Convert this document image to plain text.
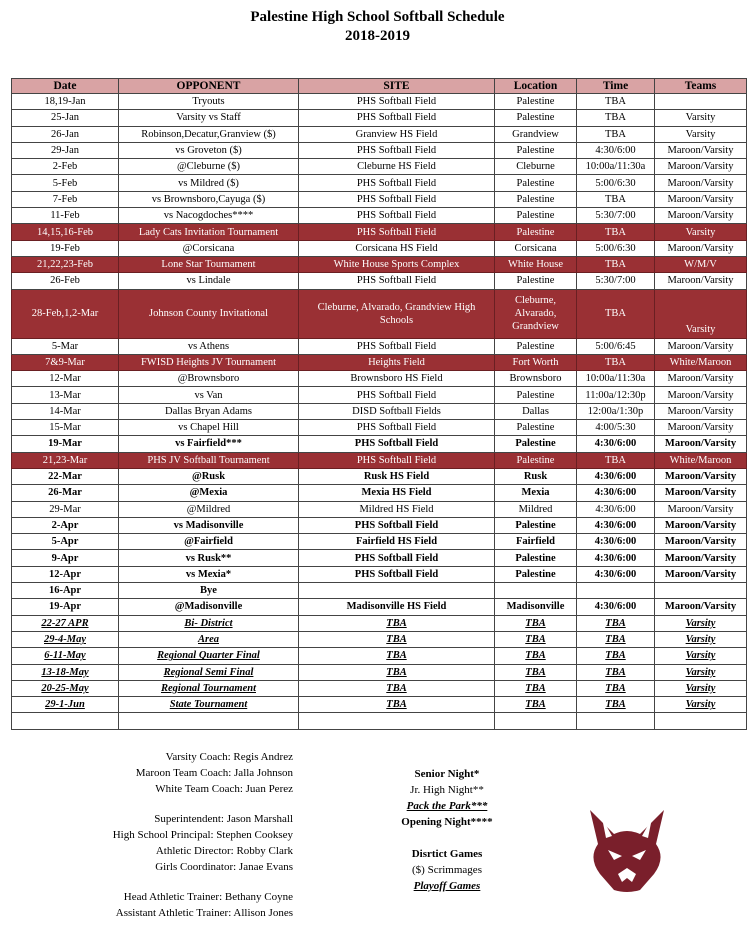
Palestine High School Softball Schedule
2018-2019
Date	OPPONENT	SITE	Location	Time	Teams
18,19-Jan	Tryouts	PHS Softball Field	Palestine	TBA	
25-Jan	Varsity vs Staff	PHS Softball Field	Palestine	TBA	Varsity
26-Jan	Robinson,Decatur,Granview ($)	Granview HS Field	Grandview	TBA	Varsity
29-Jan	vs Groveton ($)	PHS Softball Field	Palestine	4:30/6:00	Maroon/Varsity
2-Feb	@Cleburne ($)	Cleburne HS Field	Cleburne	10:00a/11:30a	Maroon/Varsity
5-Feb	vs Mildred ($)	PHS Softball Field	Palestine	5:00/6:30	Maroon/Varsity
7-Feb	vs Brownsboro,Cayuga ($)	PHS Softball Field	Palestine	TBA	Maroon/Varsity
11-Feb	vs Nacogdoches****	PHS Softball Field	Palestine	5:30/7:00	Maroon/Varsity
14,15,16-Feb	Lady Cats Invitation Tournament	PHS Softball Field	Palestine	TBA	Varsity
19-Feb	@Corsicana	Corsicana HS Field	Corsicana	5:00/6:30	Maroon/Varsity
21,22,23-Feb	Lone Star Tournament	White House Sports Complex	White House	TBA	W/M/V
26-Feb	vs Lindale	PHS Softball Field	Palestine	5:30/7:00	Maroon/Varsity
28-Feb,1,2-Mar	Johnson County Invitational	Cleburne, Alvarado, Grandview High Schools	Cleburne, Alvarado, Grandview	TBA	Varsity
5-Mar	vs Athens	PHS Softball Field	Palestine	5:00/6:45	Maroon/Varsity
7&9-Mar	FWISD Heights JV Tournament	Heights Field	Fort Worth	TBA	White/Maroon
12-Mar	@Brownsboro	Brownsboro HS Field	Brownsboro	10:00a/11:30a	Maroon/Varsity
13-Mar	vs Van	PHS Softball Field	Palestine	11:00a/12:30p	Maroon/Varsity
14-Mar	Dallas Bryan Adams	DISD Softball Fields	Dallas	12:00a/1:30p	Maroon/Varsity
15-Mar	vs Chapel Hill	PHS Softball Field	Palestine	4:00/5:30	Maroon/Varsity
19-Mar	vs Fairfield***	PHS Softball Field	Palestine	4:30/6:00	Maroon/Varsity
21,23-Mar	PHS JV Softball Tournament	PHS Softball Field	Palestine	TBA	White/Maroon
22-Mar	@Rusk	Rusk HS Field	Rusk	4:30/6:00	Maroon/Varsity
26-Mar	@Mexia	Mexia HS Field	Mexia	4:30/6:00	Maroon/Varsity
29-Mar	@Mildred	Mildred HS Field	Mildred	4:30/6:00	Maroon/Varsity
2-Apr	vs Madisonville	PHS Softball Field	Palestine	4:30/6:00	Maroon/Varsity
5-Apr	@Fairfield	Fairfield HS Field	Fairfield	4:30/6:00	Maroon/Varsity
9-Apr	vs Rusk**	PHS Softball Field	Palestine	4:30/6:00	Maroon/Varsity
12-Apr	vs Mexia*	PHS Softball Field	Palestine	4:30/6:00	Maroon/Varsity
16-Apr	Bye				
19-Apr	@Madisonville	Madisonville HS Field	Madisonville	4:30/6:00	Maroon/Varsity
22-27 APR	Bi- District	TBA	TBA	TBA	Varsity
29-4-May	Area	TBA	TBA	TBA	Varsity
6-11-May	Regional Quarter Final	TBA	TBA	TBA	Varsity
13-18-May	Regional Semi Final	TBA	TBA	TBA	Varsity
20-25-May	Regional Tournament	TBA	TBA	TBA	Varsity
29-1-Jun	State Tournament	TBA	TBA	TBA	Varsity

Varsity Coach: Regis Andrez
Maroon Team Coach: Jalla Johnson
White Team Coach: Juan Perez
Superintendent: Jason Marshall
High School Principal: Stephen Cooksey
Athletic Director: Robby Clark
Girls Coordinator: Janae Evans
Head Athletic Trainer: Bethany Coyne
Assistant Athletic Trainer: Allison Jones
Senior Night*
Jr. High Night**
Pack the Park***
Opening Night****
Disrtict Games
($) Scrimmages
Playoff Games
